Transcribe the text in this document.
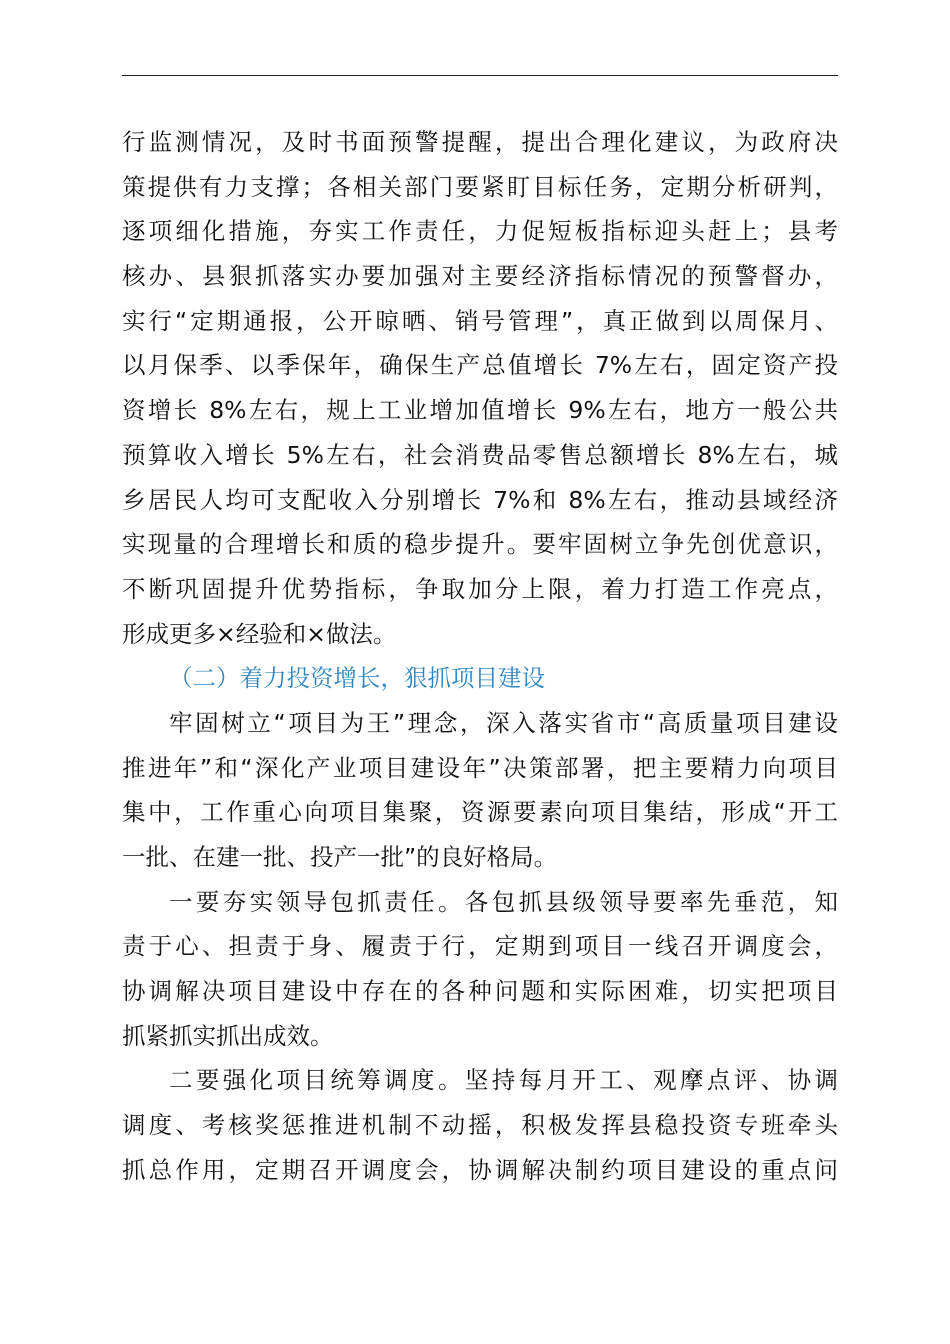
行监测情况，及时书面预警提醒，提出合理化建议，为政府决
策提供有力支撑；各相关部门要紧盯目标任务，定期分析研判，
逐项细化措施，夯实工作责任，力促短板指标迎头赶上；县考
核办、县狠抓落实办要加强对主要经济指标情况的预警督办，
实行“定期通报，公开晾晒、销号管理”，真正做到以周保月、
以月保季、以季保年，确保生产总值增长 7%左右，固定资产投
资增长 8%左右，规上工业增加值增长 9%左右，地方一般公共
预算收入增长 5%左右，社会消费品零售总额增长 8%左右，城
乡居民人均可支配收入分别增长 7%和 8%左右，推动县域经济
实现量的合理增长和质的稳步提升。要牢固树立争先创优意识，
不断巩固提升优势指标，争取加分上限，着力打造工作亮点，
形成更多×经验和×做法。
（二）着力投资增长，狠抓项目建设
牢固树立“项目为王”理念，深入落实省市“高质量项目建设
推进年”和“深化产业项目建设年”决策部署，把主要精力向项目
集中，工作重心向项目集聚，资源要素向项目集结，形成“开工
一批、在建一批、投产一批”的良好格局。
一要夯实领导包抓责任。各包抓县级领导要率先垂范，知
责于心、担责于身、履责于行，定期到项目一线召开调度会，
协调解决项目建设中存在的各种问题和实际困难，切实把项目
抓紧抓实抓出成效。
二要强化项目统筹调度。坚持每月开工、观摩点评、协调
调度、考核奖惩推进机制不动摇，积极发挥县稳投资专班牵头
抓总作用，定期召开调度会，协调解决制约项目建设的重点问
